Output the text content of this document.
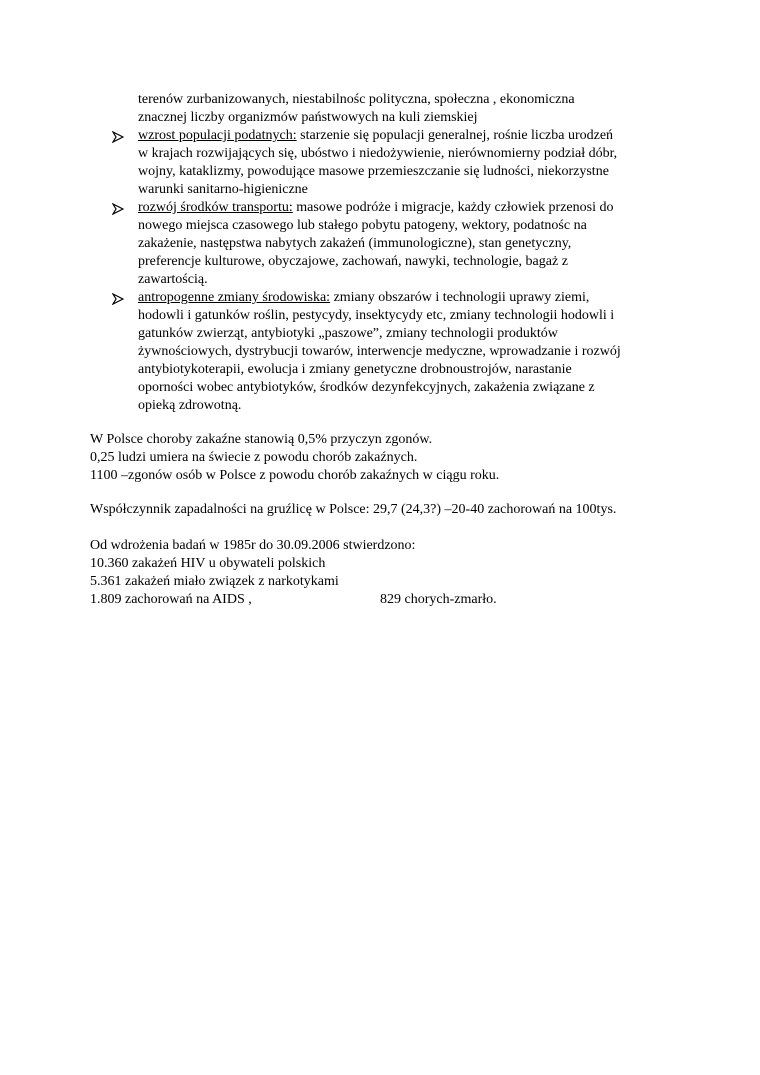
terenów zurbanizowanych, niestabilnośc polityczna, społeczna , ekonomiczna
znacznej liczby organizmów państwowych na kuli ziemskiej
wzrost populacji podatnych: starzenie się populacji generalnej, rośnie liczba urodzeń
w krajach rozwijających się, ubóstwo i niedożywienie, nierównomierny podział dóbr,
wojny, kataklizmy, powodujące masowe przemieszczanie się ludności, niekorzystne
warunki sanitarno-higieniczne
rozwój środków transportu: masowe podróże i migracje, każdy człowiek przenosi do
nowego miejsca czasowego lub stałego pobytu patogeny, wektory, podatnośc na
zakażenie, następstwa nabytych zakażeń (immunologiczne), stan genetyczny,
preferencje kulturowe, obyczajowe, zachowań, nawyki, technologie, bagaż z
zawartością.
antropogenne zmiany środowiska: zmiany obszarów i technologii uprawy ziemi,
hodowli i gatunków roślin, pestycydy, insektycydy etc, zmiany technologii hodowli i
gatunków zwierząt, antybiotyki „paszowe”, zmiany technologii produktów
żywnościowych, dystrybucji towarów, interwencje medyczne, wprowadzanie i rozwój
antybiotykoterapii, ewolucja i zmiany genetyczne drobnoustrojów, narastanie
oporności wobec antybiotyków, środków dezynfekcyjnych, zakażenia związane z
opieką zdrowotną.
W Polsce choroby zakaźne stanowią 0,5% przyczyn zgonów.
0,25 ludzi umiera na świecie z powodu chorób zakaźnych.
1100 –zgonów osób w Polsce z powodu chorób zakaźnych w ciągu roku.
Współczynnik zapadalności na gruźlicę w Polsce: 29,7 (24,3?) –20-40 zachorowań na 100tys.
Od wdrożenia badań w 1985r do 30.09.2006 stwierdzono:
10.360 zakażeń HIV u obywateli polskich
5.361 zakażeń miało związek z narkotykami
1.809 zachorowań na AIDS ,	829 chorych-zmarło.
